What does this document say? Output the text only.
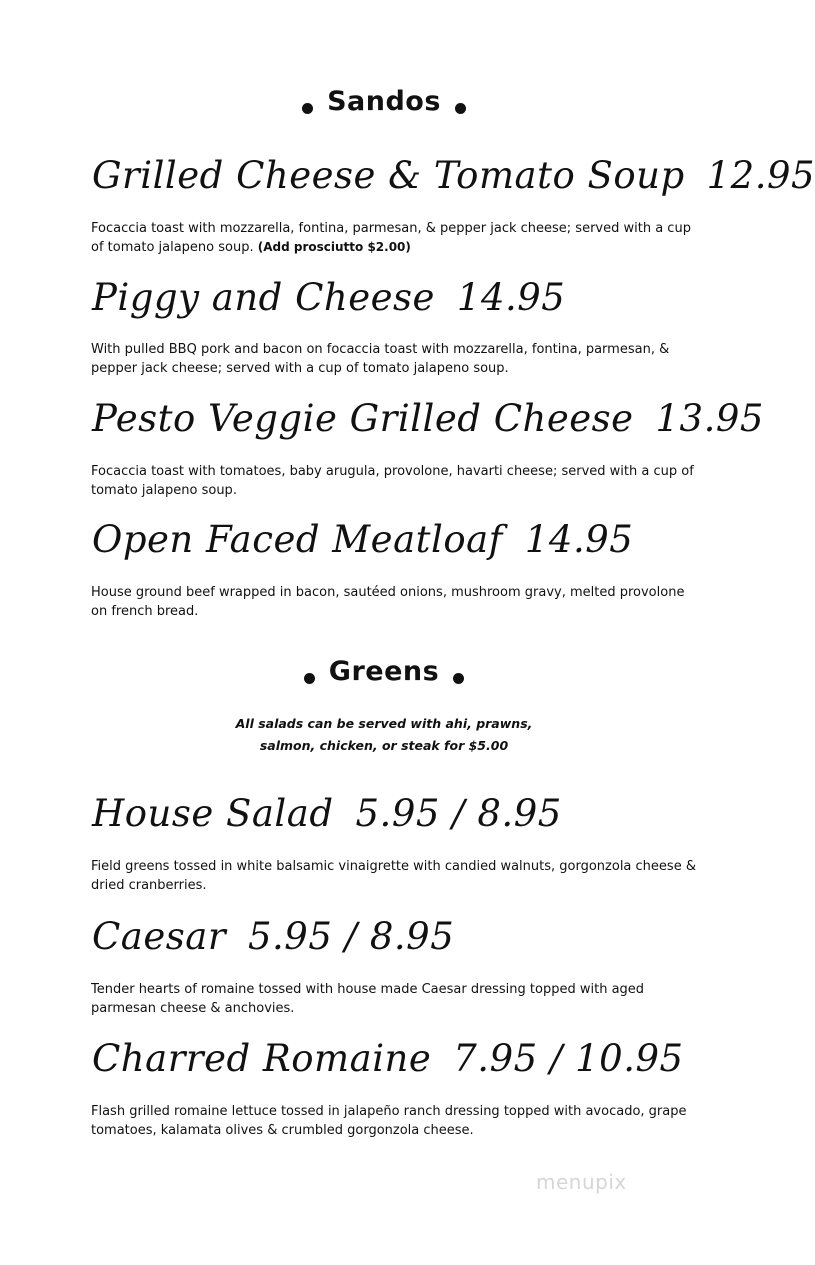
Sandos
Grilled Cheese & Tomato Soup 12.95
Focaccia toast with mozzarella, fontina, parmesan, & pepper jack cheese; served with a cup of tomato jalapeno soup. (Add prosciutto $2.00)
Piggy and Cheese 14.95
With pulled BBQ pork and bacon on focaccia toast with mozzarella, fontina, parmesan, & pepper jack cheese; served with a cup of tomato jalapeno soup.
Pesto Veggie Grilled Cheese 13.95
Focaccia toast with tomatoes, baby arugula, provolone, havarti cheese; served with a cup of tomato jalapeno soup.
Open Faced Meatloaf 14.95
House ground beef wrapped in bacon, sautéed onions, mushroom gravy, melted provolone on french bread.
Greens
All salads can be served with ahi, prawns,
salmon, chicken, or steak for $5.00
House Salad 5.95 / 8.95
Field greens tossed in white balsamic vinaigrette with candied walnuts, gorgonzola cheese & dried cranberries.
Caesar 5.95 / 8.95
Tender hearts of romaine tossed with house made Caesar dressing topped with aged parmesan cheese & anchovies.
Charred Romaine 7.95 / 10.95
Flash grilled romaine lettuce tossed in jalapeño ranch dressing topped with avocado, grape tomatoes, kalamata olives & crumbled gorgonzola cheese.
menupix
